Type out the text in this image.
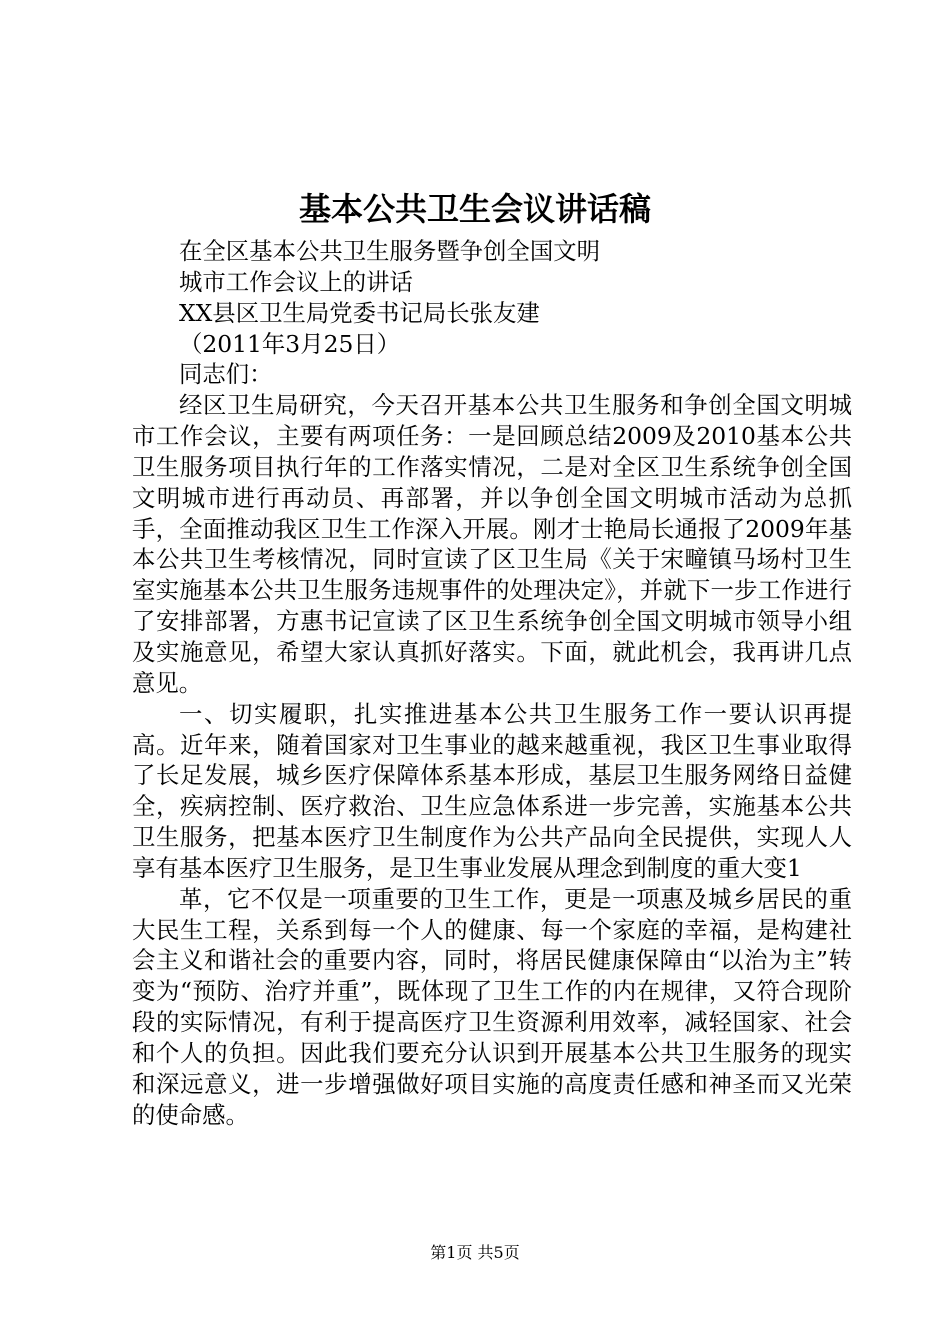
基本公共卫生会议讲话稿

在全区基本公共卫生服务暨争创全国文明

城市工作会议上的讲话

XX县区卫生局党委书记局长张友建

（2011年3月25日）

同志们：

经区卫生局研究，今天召开基本公共卫生服务和争创全国文明城市工作会议，主要有两项任务：一是回顾总结2009及2010基本公共卫生服务项目执行年的工作落实情况，二是对全区卫生系统争创全国文明城市进行再动员、再部署，并以争创全国文明城市活动为总抓手，全面推动我区卫生工作深入开展。刚才士艳局长通报了2009年基本公共卫生考核情况，同时宣读了区卫生局《关于宋疃镇马场村卫生室实施基本公共卫生服务违规事件的处理决定》，并就下一步工作进行了安排部署，方惠书记宣读了区卫生系统争创全国文明城市领导小组及实施意见，希望大家认真抓好落实。下面，就此机会，我再讲几点意见。

一、切实履职，扎实推进基本公共卫生服务工作一要认识再提高。近年来，随着国家对卫生事业的越来越重视，我区卫生事业取得了长足发展，城乡医疗保障体系基本形成，基层卫生服务网络日益健全，疾病控制、医疗救治、卫生应急体系进一步完善，实施基本公共卫生服务，把基本医疗卫生制度作为公共产品向全民提供，实现人人享有基本医疗卫生服务，是卫生事业发展从理念到制度的重大变1

革，它不仅是一项重要的卫生工作，更是一项惠及城乡居民的重大民生工程，关系到每一个人的健康、每一个家庭的幸福，是构建社会主义和谐社会的重要内容，同时，将居民健康保障由“以治为主”转变为“预防、治疗并重”，既体现了卫生工作的内在规律，又符合现阶段的实际情况，有利于提高医疗卫生资源利用效率，减轻国家、社会和个人的负担。因此我们要充分认识到开展基本公共卫生服务的现实和深远意义，进一步增强做好项目实施的高度责任感和神圣而又光荣的使命感。

第1页 共5页
